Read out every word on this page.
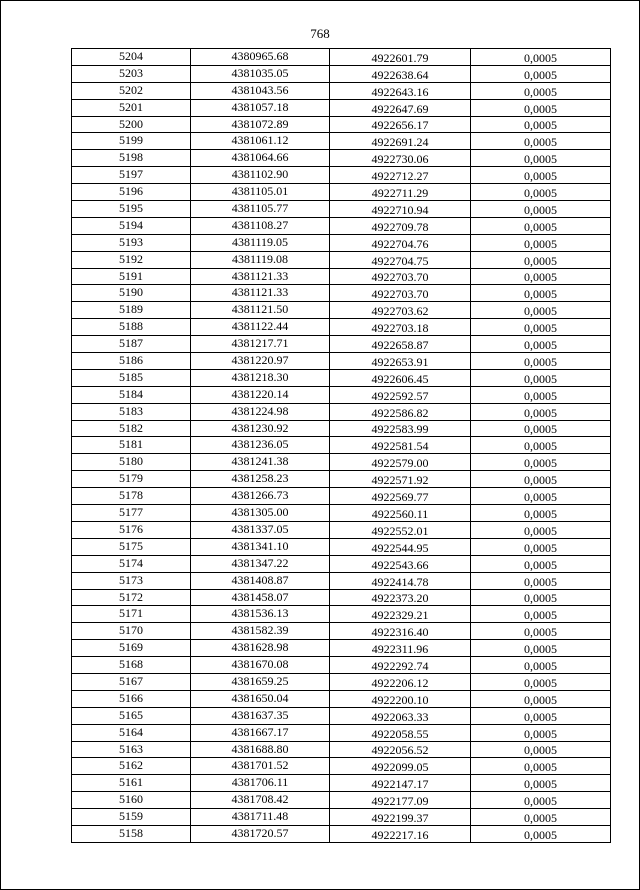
768
5204	4380965.68	4922601.79	0,0005
5203	4381035.05	4922638.64	0,0005
5202	4381043.56	4922643.16	0,0005
5201	4381057.18	4922647.69	0,0005
5200	4381072.89	4922656.17	0,0005
5199	4381061.12	4922691.24	0,0005
5198	4381064.66	4922730.06	0,0005
5197	4381102.90	4922712.27	0,0005
5196	4381105.01	4922711.29	0,0005
5195	4381105.77	4922710.94	0,0005
5194	4381108.27	4922709.78	0,0005
5193	4381119.05	4922704.76	0,0005
5192	4381119.08	4922704.75	0,0005
5191	4381121.33	4922703.70	0,0005
5190	4381121.33	4922703.70	0,0005
5189	4381121.50	4922703.62	0,0005
5188	4381122.44	4922703.18	0,0005
5187	4381217.71	4922658.87	0,0005
5186	4381220.97	4922653.91	0,0005
5185	4381218.30	4922606.45	0,0005
5184	4381220.14	4922592.57	0,0005
5183	4381224.98	4922586.82	0,0005
5182	4381230.92	4922583.99	0,0005
5181	4381236.05	4922581.54	0,0005
5180	4381241.38	4922579.00	0,0005
5179	4381258.23	4922571.92	0,0005
5178	4381266.73	4922569.77	0,0005
5177	4381305.00	4922560.11	0,0005
5176	4381337.05	4922552.01	0,0005
5175	4381341.10	4922544.95	0,0005
5174	4381347.22	4922543.66	0,0005
5173	4381408.87	4922414.78	0,0005
5172	4381458.07	4922373.20	0,0005
5171	4381536.13	4922329.21	0,0005
5170	4381582.39	4922316.40	0,0005
5169	4381628.98	4922311.96	0,0005
5168	4381670.08	4922292.74	0,0005
5167	4381659.25	4922206.12	0,0005
5166	4381650.04	4922200.10	0,0005
5165	4381637.35	4922063.33	0,0005
5164	4381667.17	4922058.55	0,0005
5163	4381688.80	4922056.52	0,0005
5162	4381701.52	4922099.05	0,0005
5161	4381706.11	4922147.17	0,0005
5160	4381708.42	4922177.09	0,0005
5159	4381711.48	4922199.37	0,0005
5158	4381720.57	4922217.16	0,0005
